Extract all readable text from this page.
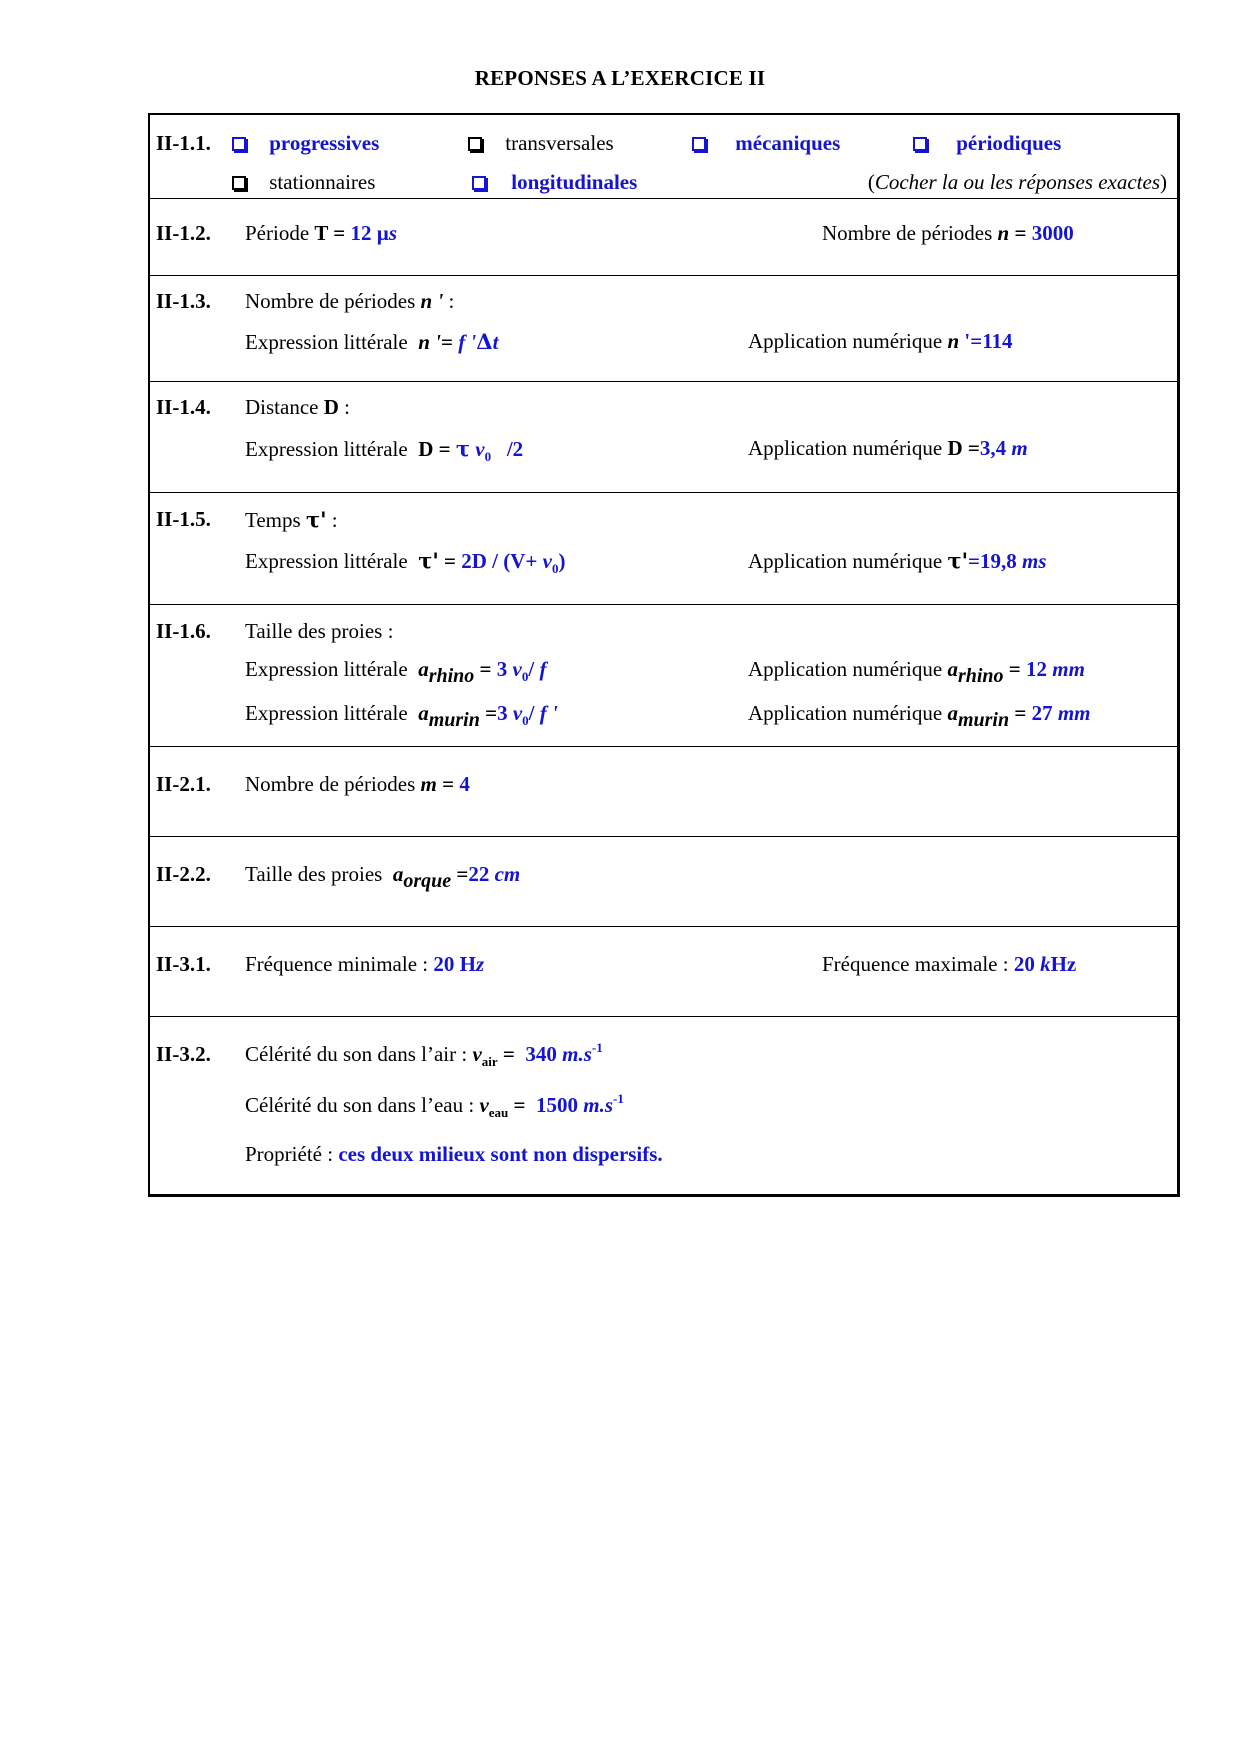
REPONSES A L’EXERCICE II
II-1.1.	progressives	transversales	mécaniques	périodiques
stationnaires	longitudinales	(Cocher la ou les réponses exactes)
II-1.2. Période T = 12 µs	Nombre de périodes n = 3000
II-1.3. Nombre de périodes n ' :
Expression littérale n '= f 'Δt	Application numérique n '=114
II-1.4. Distance D :
Expression littérale D = τ $v_0$ /2	Application numérique D =3,4 m
II-1.5. Temps τ' :
Expression littérale $\tau' = 2D / (V+ v_0)$	Application numérique τ'=19,8 ms
II-1.6. Taille des proies :
Expression littérale $a_{rhino} = 3$ $v_0/$ f	Application numérique $a_{rhino} = 12$ mm
Expression littérale $a_{murin} =3$ $v_0/$ f '	Application numérique $a_{murin} = 27$ mm
II-2.1. Nombre de périodes m = 4
II-2.2. Taille des proies  $a_{orque} =22$ cm
II-3.1. Fréquence minimale : 20 Hz	Fréquence maximale : 20 kHz
II-3.2. Célérité du son dans l’air : $v_{air} = 340$ $m.s^{-1}$
Célérité du son dans l’eau : $v_{eau} = 1500$ $m.s^{-1}$
Propriété : ces deux milieux sont non dispersifs.
